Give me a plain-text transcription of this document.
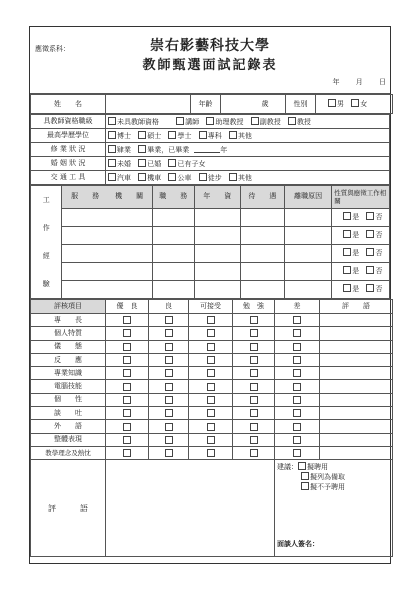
應徵系科：	崇右影藝科技大學
教師甄選面試記錄表
年 月 日
姓　　名		年齡	歲	性別	男 女
具教師資格職級	未具教師資格 講師 助理教授 副教授 教授
最高學歷學位	博士 碩士 學士 專科 其他
修 業 狀 況	肄業 畢業，已畢業 年
婚 姻 狀 況	未婚 已婚 已有子女
交 通 工 具	汽車 機車 公車 徒步 其他
工
作
經
驗	服　　務 機　　關	職　　務	年　　資	待　　遇	離職原因	性質與應徵工作相　　關
						是 否
						是 否
						是 否
						是 否
						是 否
評核項目	優　良	良	可接受	勉　強	差	評　　語
專　　長	

個人特質	

儀　　態	

反　　應	

專業知識	

電腦技能	

個　　性	

談　　吐	

外　　語	

整體表現	

教學理念及熱忱	

評　　　語					建議： 擬聘用
擬列為備取
擬不予聘用
面談人簽名：	
